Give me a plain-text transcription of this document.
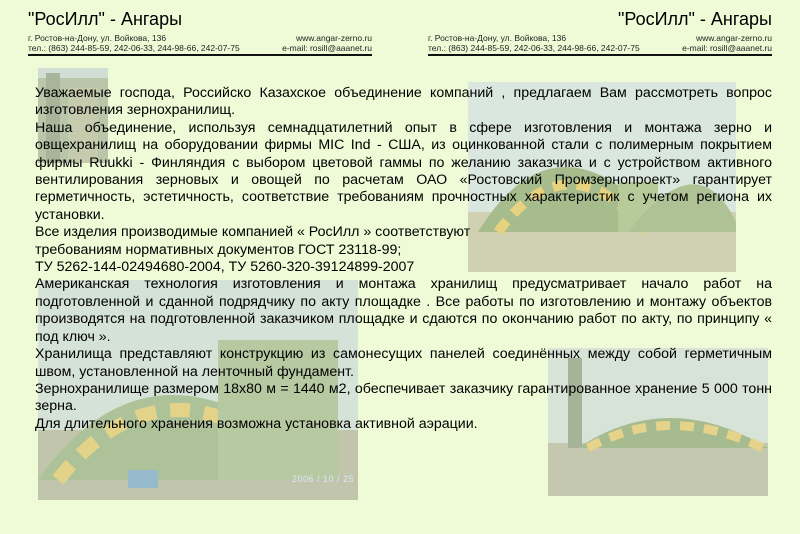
"РосИлл" - Ангары
г. Ростов-на-Дону, ул. Войкова, 136	www.angar-zerno.ru
тел.: (863) 244-85-59, 242-06-33, 244-98-66, 242-07-75	e-mail: rosill@aaanet.ru
"РосИлл" - Ангары
г. Ростов-на-Дону, ул. Войкова, 136	www.angar-zerno.ru
тел.: (863) 244-85-59, 242-06-33, 244-98-66, 242-07-75	e-mail: rosill@aaanet.ru
2006 / 10 / 25

Уважаемые господа, Российско Казахское объединение компаний , предлагаем Вам рассмотреть вопрос изготовления зернохранилищ.

Наша объединение, используя семнадцатилетний опыт в сфере изготовления и монтажа зерно и овщехранилищ на оборудовании фирмы MIC Ind - США, из оцинкованной стали с полимерным покрытием фирмы Ruukki - Финляндия с выбором цветовой гаммы по желанию заказчика и с устройством активного вентилирования зерновых и овощей по расчетам ОАО «Ростовский Промзернопроект» гарантирует герметичность, эстетичность, соответствие требованиям прочностных характеристик с учетом региона их установки.

Все изделия производимые компанией « РосИлл » соответствуют

требованиям нормативных документов ГОСТ 23118-99;

ТУ 5262-144-02494680-2004, ТУ 5260-320-39124899-2007

Американская технология изготовления и монтажа хранилищ предусматривает начало работ на подготовленной и сданной подрядчику по акту площадке . Все работы по изготовлению и монтажу объектов производятся на подготовленной заказчиком площадке и сдаются по окончанию работ по акту, по принципу « под ключ ».

Хранилища представляют конструкцию из самонесущих панелей соединённых между собой герметичным швом, установленной на ленточный фундамент.

Зернохранилище размером 18х80 м = 1440 м2, обеспечивает заказчику гарантированное хранение 5 000 тонн зерна.

Для длительного хранения возможна установка активной аэрации.
